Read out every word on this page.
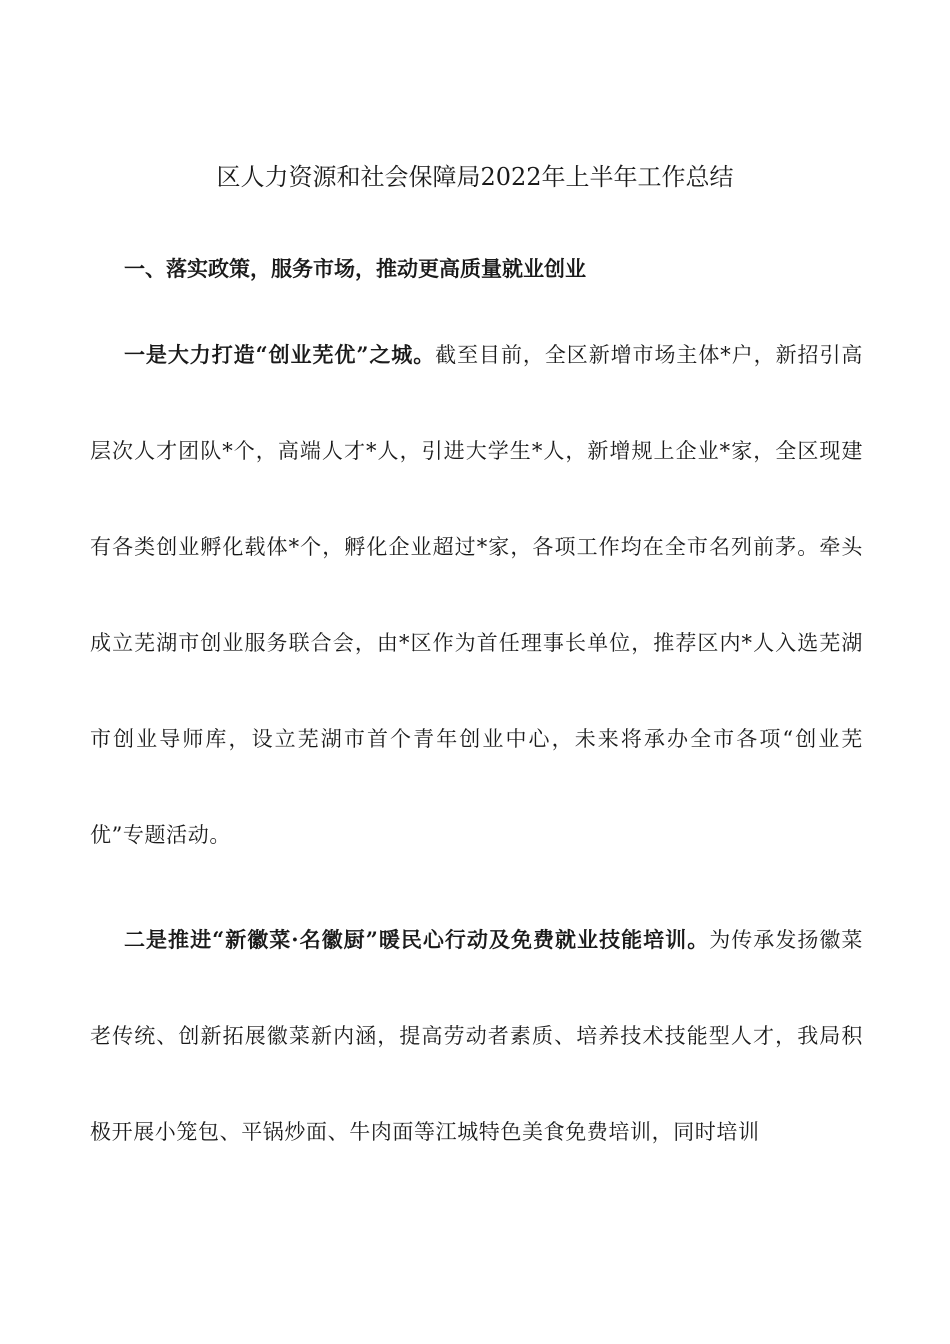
区人力资源和社会保障局2022年上半年工作总结
一、落实政策，服务市场，推动更高质量就业创业

一是大力打造“创业芜优”之城。截至目前，全区新增市场主体*户，新招引高层次人才团队*个，高端人才*人，引进大学生*人，新增规上企业*家，全区现建有各类创业孵化载体*个，孵化企业超过*家，各项工作均在全市名列前茅。牵头成立芜湖市创业服务联合会，由*区作为首任理事长单位，推荐区内*人入选芜湖市创业导师库，设立芜湖市首个青年创业中心，未来将承办全市各项“创业芜优”专题活动。

二是推进“新徽菜·名徽厨”暖民心行动及免费就业技能培训。为传承发扬徽菜老传统、创新拓展徽菜新内涵，提高劳动者素质、培养技术技能型人才，我局积极开展小笼包、平锅炒面、牛肉面等江城特色美食免费培训，同时培训
